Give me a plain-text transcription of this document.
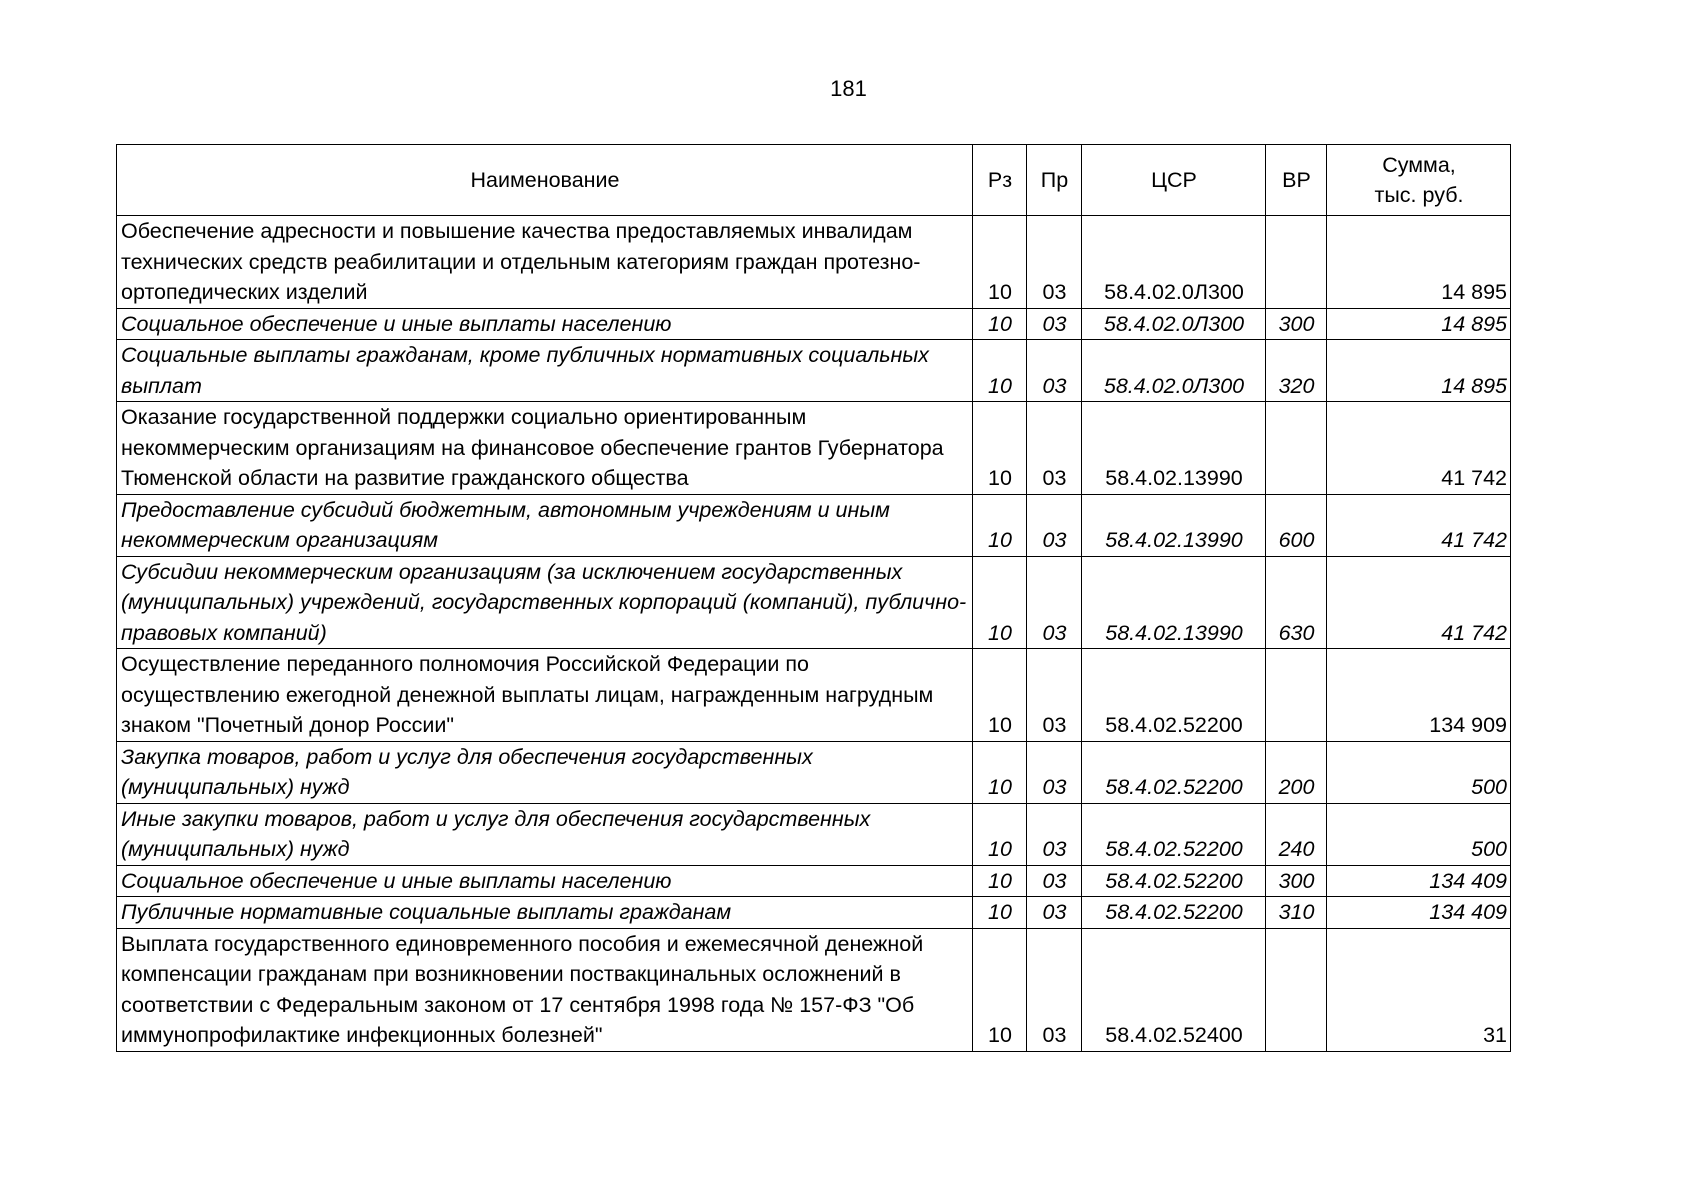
181
Наименование	Рз	Пр	ЦСР	ВР	Сумма,
тыс. руб.
Обеспечение адресности и повышение качества предоставляемых инвалидам технических средств реабилитации и отдельным категориям граждан протезно-ортопедических изделий	10	03	58.4.02.0Л300		14 895
Социальное обеспечение и иные выплаты населению	10	03	58.4.02.0Л300	300	14 895
Социальные выплаты гражданам, кроме публичных нормативных социальных выплат	10	03	58.4.02.0Л300	320	14 895
Оказание государственной поддержки социально ориентированным некоммерческим организациям на финансовое обеспечение грантов Губернатора Тюменской области на развитие гражданского общества	10	03	58.4.02.13990		41 742
Предоставление субсидий бюджетным, автономным учреждениям и иным некоммерческим организациям	10	03	58.4.02.13990	600	41 742
Субсидии некоммерческим организациям (за исключением государственных (муниципальных) учреждений, государственных корпораций (компаний), публично-правовых компаний)	10	03	58.4.02.13990	630	41 742
Осуществление переданного полномочия Российской Федерации по осуществлению ежегодной денежной выплаты лицам, награжденным нагрудным знаком "Почетный донор России"	10	03	58.4.02.52200		134 909
Закупка товаров, работ и услуг для обеспечения государственных (муниципальных) нужд	10	03	58.4.02.52200	200	500
Иные закупки товаров, работ и услуг для обеспечения государственных (муниципальных) нужд	10	03	58.4.02.52200	240	500
Социальное обеспечение и иные выплаты населению	10	03	58.4.02.52200	300	134 409
Публичные нормативные социальные выплаты гражданам	10	03	58.4.02.52200	310	134 409
Выплата государственного единовременного пособия и ежемесячной денежной компенсации гражданам при возникновении поствакцинальных осложнений в соответствии с Федеральным законом от 17 сентября 1998 года № 157-ФЗ "Об иммунопрофилактике инфекционных болезней"	10	03	58.4.02.52400		31
